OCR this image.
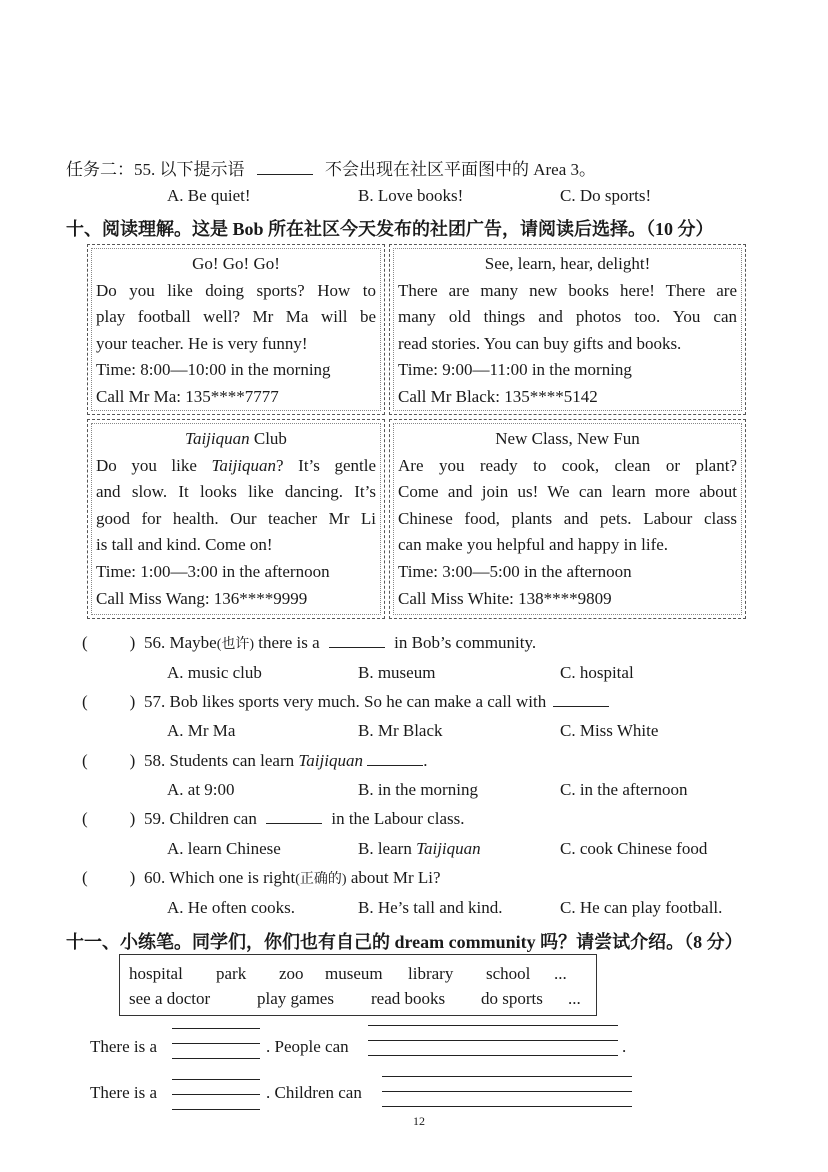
任务二：55. 以下提示语	不会出现在社区平面图中的 Area 3。
A. Be quiet!	B. Love books!	C. Do sports!
十、阅读理解。这是 Bob 所在社区今天发布的社团广告，请阅读后选择。（10 分）
Go! Go! Go!
Do you like doing sports? How to
play football well? Mr Ma will be
your teacher. He is very funny!
Time: 8:00—10:00 in the morning
Call Mr Ma: 135****7777
See, learn, hear, delight!
There are many new books here! There are
many old things and photos too. You can
read stories. You can buy gifts and books.
Time: 9:00—11:00 in the morning
Call Mr Black: 135****5142
Taijiquan Club
Do you like Taijiquan? It’s gentle
and slow. It looks like dancing. It’s
good for health. Our teacher Mr Li
is tall and kind. Come on!
Time: 1:00—3:00 in the afternoon
Call Miss Wang: 136****9999
New Class, New Fun
Are you ready to cook, clean or plant?
Come and join us! We can learn more about
Chinese food, plants and pets. Labour class
can make you helpful and happy in life.
Time: 3:00—5:00 in the afternoon
Call Miss White: 138****9809
( ) 56. Maybe(也许) there is a	in Bob’s community.
A. music club	B. museum	C. hospital
( ) 57. Bob likes sports very much. So he can make a call with
A. Mr Ma	B. Mr Black	C. Miss White
( ) 58. Students can learn Taijiquan	.
A. at 9:00	B. in the morning	C. in the afternoon
( ) 59. Children can	in the Labour class.
A. learn Chinese	B. learn Taijiquan	C. cook Chinese food
( ) 60. Which one is right(正确的) about Mr Li?
A. He often cooks.	B. He’s tall and kind.	C. He can play football.
十一、小练笔。同学们，你们也有自己的 dream community 吗？请尝试介绍。（8 分）
hospital park zoo museum library school ...
see a doctor	play games read books do sports ...
There is a	. People can	.
There is a	. Children can
12
